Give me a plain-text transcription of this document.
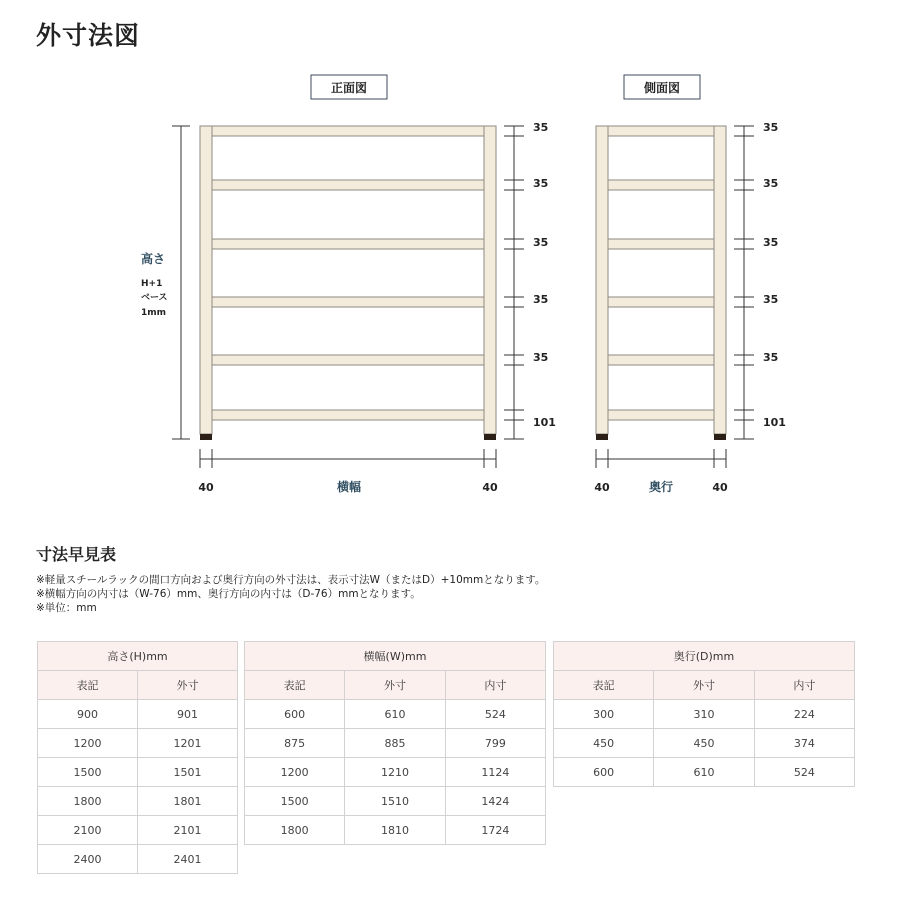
外寸法図
35
35
35
35
35
101
40	40
35
35
35
35
35
101
40	40
正面図	側面図
高さ
H+1
ベース
1mm
横幅	奥行
寸法早見表
※軽量スチールラックの間口方向および奥行方向の外寸法は、表示寸法W（またはD）+10mmとなります。
※横幅方向の内寸は（W-76）mm、奥行方向の内寸は（D-76）mmとなります。
※単位：mm
高さ(H)mm	
表記	外寸
900	901
1200	1201
1500	1501
1800	1801
2100	2101
2400	2401
横幅(W)mm		
表記	外寸	内寸
600	610	524
875	885	799
1200	1210	1124
1500	1510	1424
1800	1810	1724
奥行(D)mm		
表記	外寸	内寸
300	310	224
450	450	374
600	610	524
